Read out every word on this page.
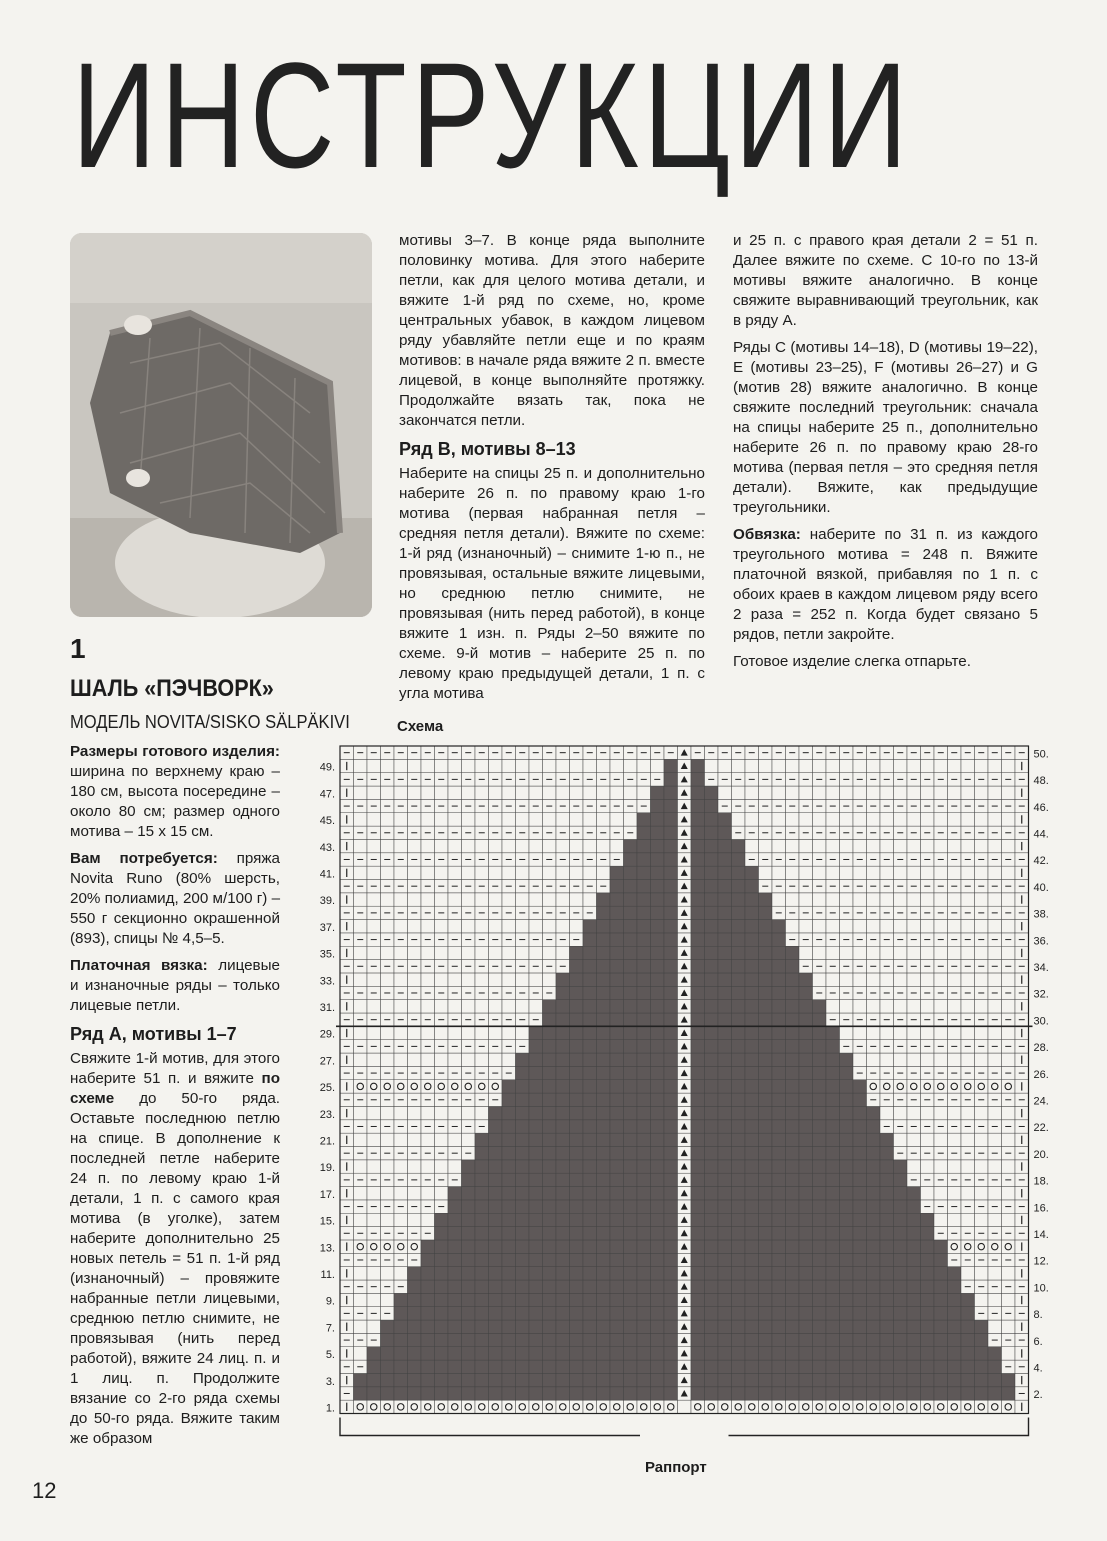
ИНСТРУКЦИИ

мотивы 3–7. В конце ряда выполните половинку мотива. Для этого наберите петли, как для целого мотива детали, и вяжите 1-й ряд по схеме, но, кроме центральных убавок, в каждом лицевом ряду убавляйте петли еще и по краям мотивов: в начале ряда вяжите 2 п. вместе лицевой, в конце выполняйте протяжку. Продолжайте вязать так, пока не закончатся петли.

Ряд В, мотивы 8–13

Наберите на спицы 25 п. и дополнительно наберите 26 п. по правому краю 1-го мотива (первая набранная петля – средняя петля детали). Вяжите по схеме: 1-й ряд (изнаночный) – снимите 1-ю п., не провязывая, остальные вяжите лицевыми, но среднюю петлю снимите, не провязывая (нить перед работой), в конце вяжите 1 изн. п. Ряды 2–50 вяжите по схеме. 9-й мотив – наберите 25 п. по левому краю предыдущей детали, 1 п. с угла мотива

и 25 п. с правого края детали 2 = 51 п. Далее вяжите по схеме. С 10-го по 13-й мотивы вяжите аналогично. В конце свяжите выравнивающий треугольник, как в ряду А.

Ряды С (мотивы 14–18), D (мотивы 19–22), E (мотивы 23–25), F (мотивы 26–27) и G (мотив 28) вяжите аналогично. В конце свяжите последний треугольник: сначала на спицы наберите 25 п., дополнительно наберите 26 п. по правому краю 28-го мотива (первая петля – это средняя петля детали). Вяжите, как предыдущие треугольники.

Обвязка: наберите по 31 п. из каждого треугольного мотива = 248 п. Вяжите платочной вязкой, прибавляя по 1 п. с обоих краев в каждом лицевом ряду всего 2 раза = 252 п. Когда будет связано 5 рядов, петли закройте.

Готовое изделие слегка отпарьте.

1
ШАЛЬ «ПЭЧВОРК»
МОДЕЛЬ NOVITA/SISKO SÄLPÄKIVI

Размеры готового изделия: ширина по верхнему краю – 180 см, высота посередине – около 80 см; размер одного мотива – 15 х 15 см.

Вам потребуется: пряжа Novita Runo (80% шерсть, 20% полиамид, 200 м/100 г) – 550 г секционно окрашенной (893), спицы № 4,5–5.

Платочная вязка: лицевые и изнаночные ряды – только лицевые петли.

Ряд А, мотивы 1–7

Свяжите 1-й мотив, для этого наберите 51 п. и вяжите по схеме до 50-го ряда. Оставьте последнюю петлю на спице. В дополнение к последней петле наберите 24 п. по левому краю 1-й детали, 1 п. с самого края мотива (в уголке), затем наберите дополнительно 25 новых петель = 51 п. 1-й ряд (изнаночный) – провяжите набранные петли лицевыми, среднюю петлю снимите, не провязывая (нить перед работой), вяжите 24 лиц. п. и 1 лиц. п. Продолжите вязание со 2-го ряда схемы до 50-го ряда. Вяжите таким же образом

Схема
Раппорт
12
49.
47.
45.
43.
41.
39.
37.
35.
33.
31.
29.
27.
25.
23.
21.
19.
17.
15.
13.
11.
9.
7.
5.
3.
1.
50.
48.
46.
44.
42.
40.
38.
36.
34.
32.
30.
28.
26.
24.
22.
20.
18.
16.
14.
12.
10.
8.
6.
4.
2.
